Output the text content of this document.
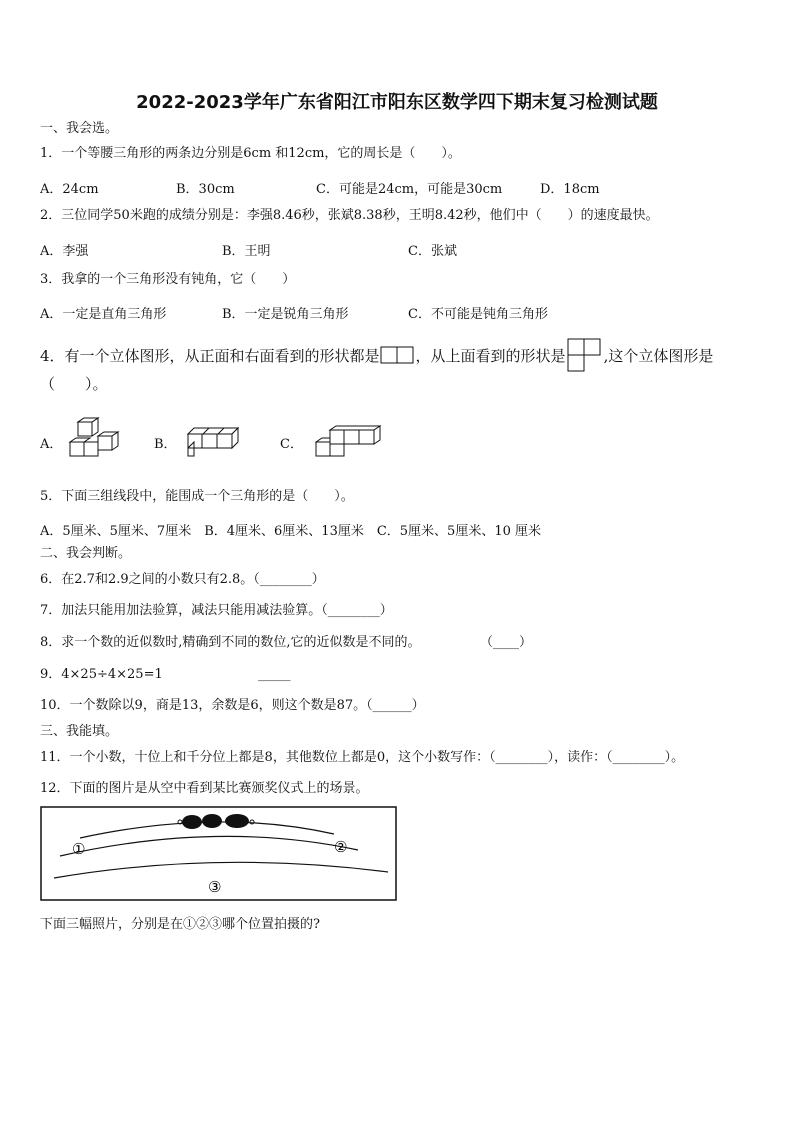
2022-2023学年广东省阳江市阳东区数学四下期末复习检测试题
一、我会选。
1．一个等腰三角形的两条边分别是6cm 和12cm，它的周长是（　　）。
A．24cm	B．30cm	C．可能是24cm，可能是30cm	D．18cm
2．三位同学50米跑的成绩分别是：李强8.46秒，张斌8.38秒，王明8.42秒，他们中（　　）的速度最快。
A．李强	B．王明	C．张斌
3．我拿的一个三角形没有钝角，它（　　）
A．一定是直角三角形	B．一定是锐角三角形	C．不可能是钝角三角形
4．有一个立体图形，从正面和右面看到的形状都是 ，从上面看到的形状是	,这个立体图形是
（　　）。
A．	B．	C．
5．下面三组线段中，能围成一个三角形的是（　　）。
A．5厘米、5厘米、7厘米　B．4厘米、6厘米、13厘米　C．5厘米、5厘米、10 厘米
二、我会判断。
6．在2.7和2.9之间的小数只有2.8。（________）
7．加法只能用加法验算，减法只能用减法验算。（________）
8．求一个数的近似数时,精确到不同的数位,它的近似数是不同的。	（____）
9．4×25÷4×25=1	_____
10．一个数除以9，商是13，余数是6，则这个数是87。（______）
三、我能填。
11．一个小数，十位上和千分位上都是8，其他数位上都是0，这个小数写作：（________），读作：（________）。
12．下面的图片是从空中看到某比赛颁奖仪式上的场景。
①	②
③
下面三幅照片，分别是在①②③哪个位置拍摄的?
